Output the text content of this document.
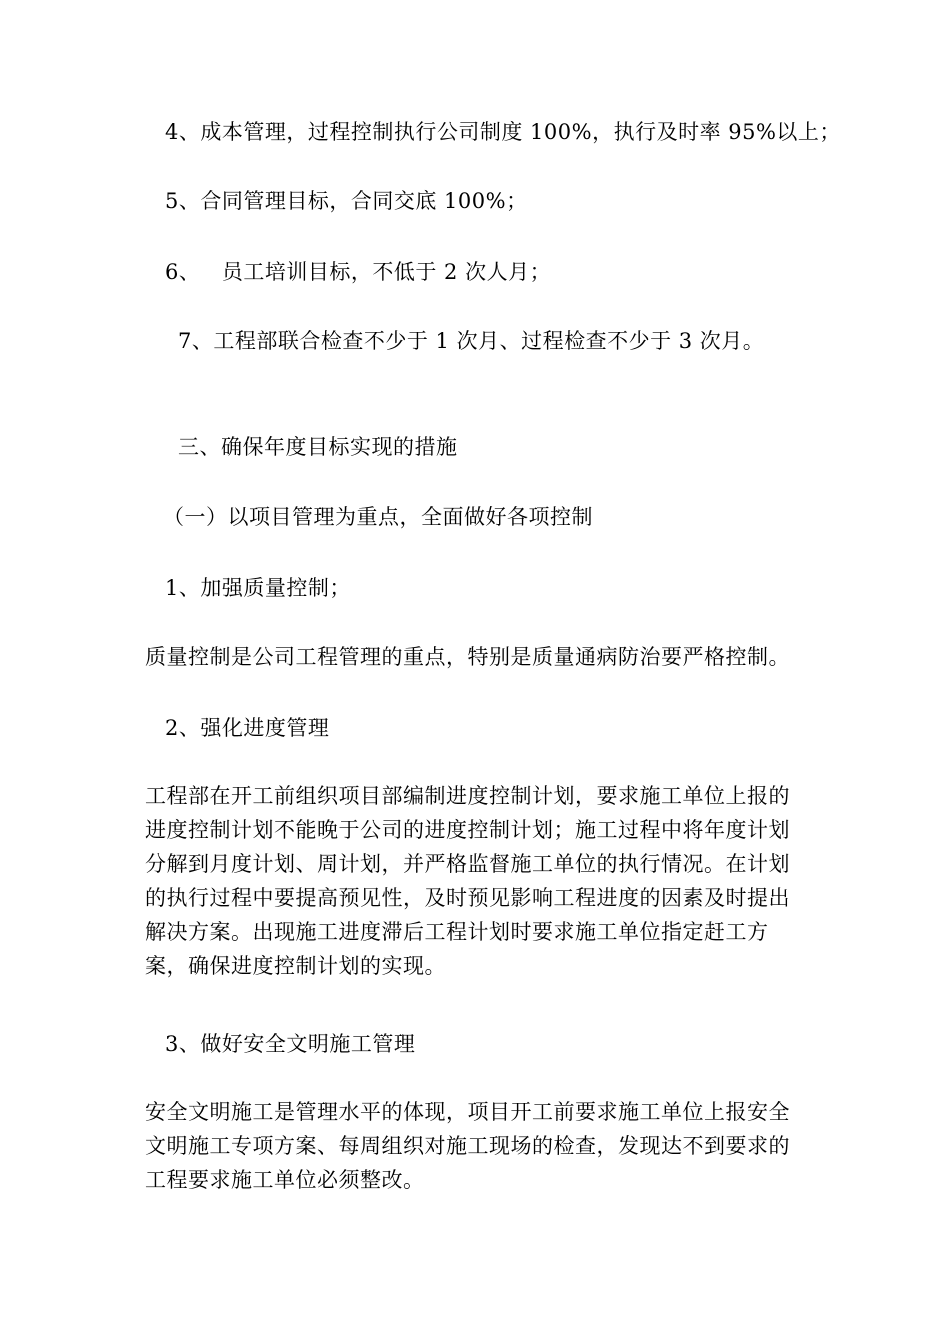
4、成本管理，过程控制执行公司制度 100%，执行及时率 95%以上；
5、合同管理目标，合同交底 100%；
6、   员工培训目标，不低于 2 次人月；
7、工程部联合检查不少于 1 次月、过程检查不少于 3 次月。
三、确保年度目标实现的措施
（一）以项目管理为重点，全面做好各项控制
1、加强质量控制；
质量控制是公司工程管理的重点，特别是质量通病防治要严格控制。
2、强化进度管理
工程部在开工前组织项目部编制进度控制计划，要求施工单位上报的
进度控制计划不能晚于公司的进度控制计划；施工过程中将年度计划
分解到月度计划、周计划，并严格监督施工单位的执行情况。在计划
的执行过程中要提高预见性，及时预见影响工程进度的因素及时提出
解决方案。出现施工进度滞后工程计划时要求施工单位指定赶工方
案，确保进度控制计划的实现。
3、做好安全文明施工管理
安全文明施工是管理水平的体现，项目开工前要求施工单位上报安全
文明施工专项方案、每周组织对施工现场的检查，发现达不到要求的
工程要求施工单位必须整改。
